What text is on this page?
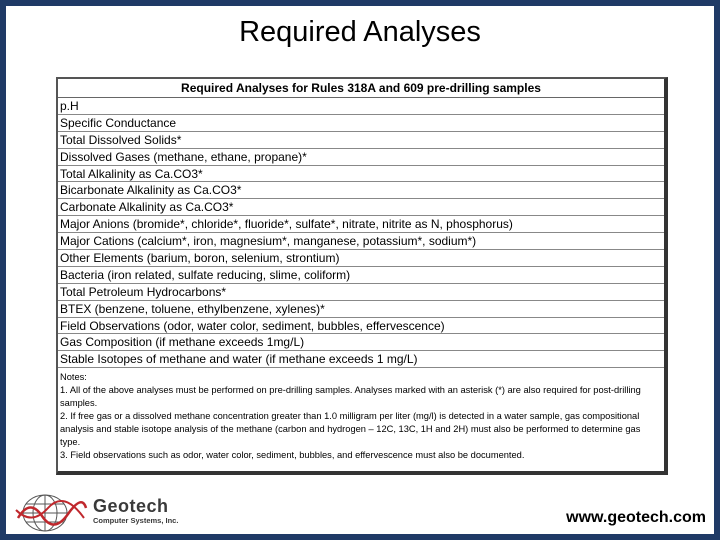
Required Analyses
Required Analyses for Rules 318A and 609 pre-drilling samples
p.H
Specific Conductance
Total Dissolved Solids*
Dissolved Gases (methane, ethane, propane)*
Total Alkalinity as Ca.CO3*
Bicarbonate Alkalinity as Ca.CO3*
Carbonate Alkalinity as Ca.CO3*
Major Anions (bromide*, chloride*, fluoride*, sulfate*, nitrate, nitrite as N, phosphorus)
Major Cations (calcium*, iron, magnesium*, manganese, potassium*, sodium*)
Other Elements (barium, boron, selenium, strontium)
Bacteria (iron related, sulfate reducing, slime, coliform)
Total Petroleum Hydrocarbons*
BTEX (benzene, toluene, ethylbenzene, xylenes)*
Field Observations (odor, water color, sediment, bubbles, effervescence)
Gas Composition (if methane exceeds 1mg/L)
Stable Isotopes of methane and water (if methane exceeds 1 mg/L)

Notes:

1. All of the above analyses must be performed on pre-drilling samples. Analyses marked with an asterisk (*) are also required for post-drilling samples.

2. If free gas or a dissolved methane concentration greater than 1.0 milligram per liter (mg/l) is detected in a water sample, gas compositional analysis and stable isotope analysis of the methane (carbon and hydrogen – 12C, 13C, 1H and 2H) must also be performed to determine gas type.

3. Field observations such as odor, water color, sediment, bubbles, and effervescence must also be documented.

Geotech
Computer Systems, Inc.	www.geotech.com
